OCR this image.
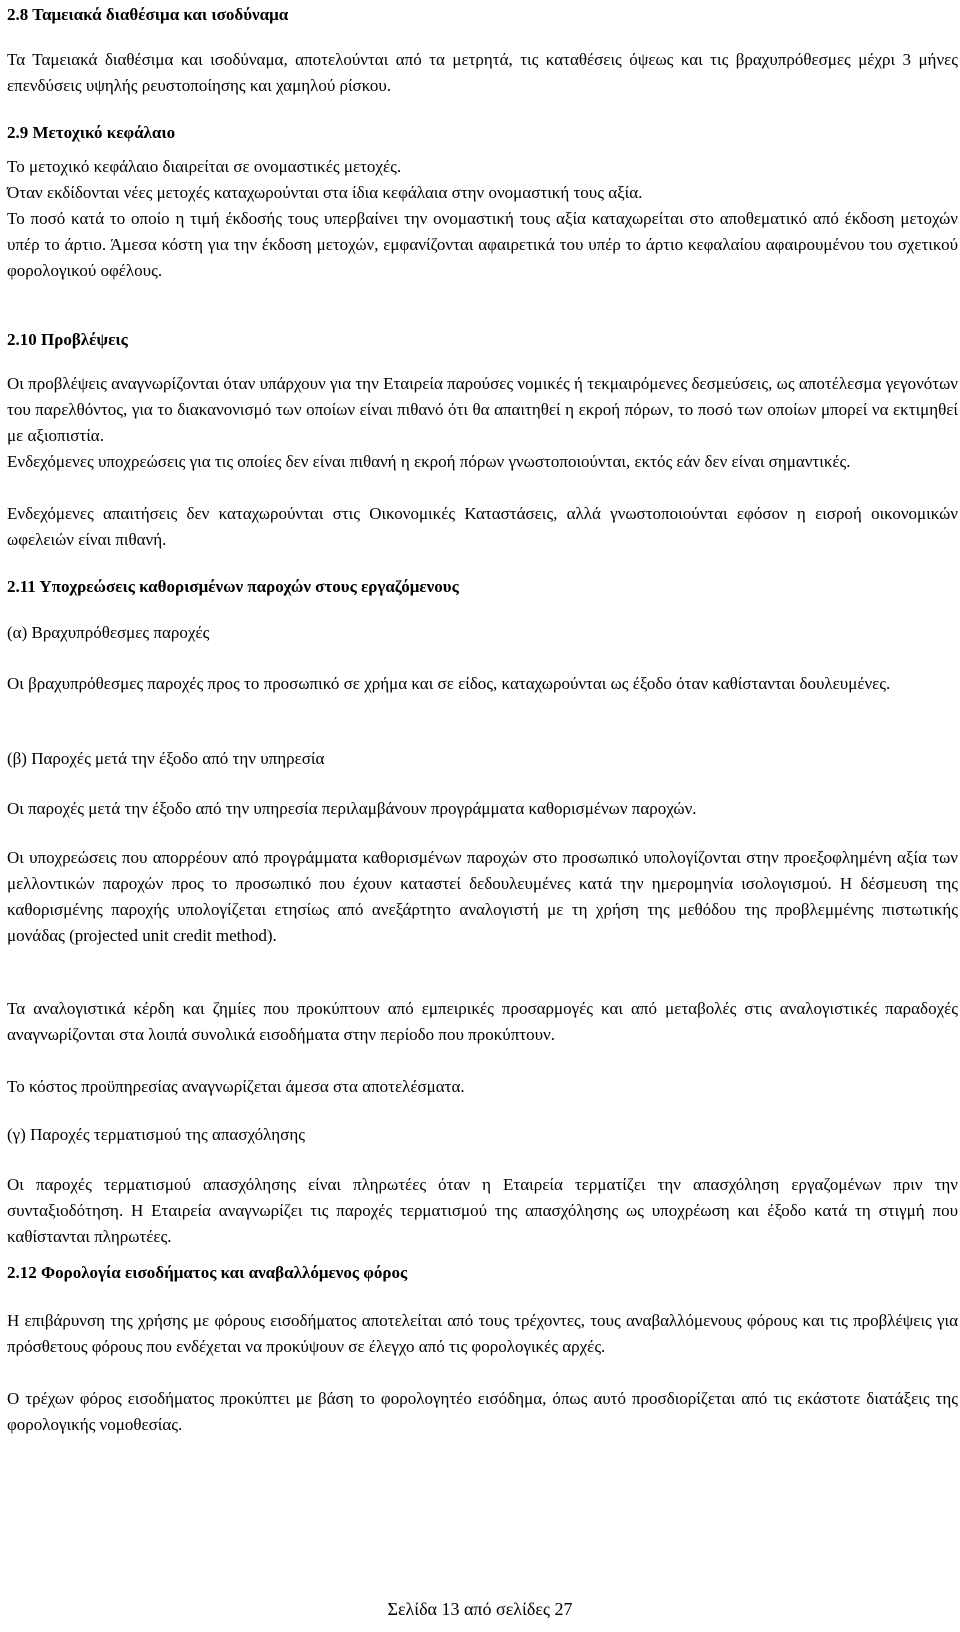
2.8 Ταμειακά διαθέσιμα και ισοδύναμα

Τα Ταμειακά διαθέσιμα και ισοδύναμα, αποτελούνται από τα μετρητά, τις καταθέσεις όψεως και τις βραχυπρόθεσμες μέχρι 3 μήνες επενδύσεις υψηλής ρευστοποίησης και χαμηλού ρίσκου.

2.9 Μετοχικό κεφάλαιο

Το μετοχικό κεφάλαιο διαιρείται σε ονομαστικές μετοχές.

Όταν εκδίδονται νέες μετοχές καταχωρούνται στα ίδια κεφάλαια στην ονομαστική τους αξία.

Το ποσό κατά το οποίο η τιμή έκδοσής τους υπερβαίνει την ονομαστική τους αξία καταχωρείται στο αποθεματικό από έκδοση μετοχών υπέρ το άρτιο. Άμεσα κόστη για την έκδοση μετοχών, εμφανίζονται αφαιρετικά του υπέρ το άρτιο κεφαλαίου αφαιρουμένου του σχετικού φορολογικού οφέλους.

2.10 Προβλέψεις

Οι προβλέψεις αναγνωρίζονται όταν υπάρχουν για την Εταιρεία παρούσες νομικές ή τεκμαιρόμενες δεσμεύσεις, ως αποτέλεσμα γεγονότων του παρελθόντος, για το διακανονισμό των οποίων είναι πιθανό ότι θα απαιτηθεί η εκροή πόρων, το ποσό των οποίων μπορεί να εκτιμηθεί με αξιοπιστία.

Ενδεχόμενες υποχρεώσεις για τις οποίες δεν είναι πιθανή η εκροή πόρων γνωστοποιούνται, εκτός εάν δεν είναι σημαντικές.

Ενδεχόμενες απαιτήσεις δεν καταχωρούνται στις Οικονομικές Καταστάσεις, αλλά γνωστοποιούνται εφόσον η εισροή οικονομικών ωφελειών είναι πιθανή.

2.11 Υποχρεώσεις καθορισμένων παροχών στους εργαζόμενους
(α) Βραχυπρόθεσμες παροχές

Οι βραχυπρόθεσμες παροχές προς το προσωπικό σε χρήμα και σε είδος, καταχωρούνται ως έξοδο όταν καθίστανται δουλευμένες.

(β) Παροχές μετά την έξοδο από την υπηρεσία

Οι παροχές μετά την έξοδο από την υπηρεσία περιλαμβάνουν προγράμματα καθορισμένων παροχών.

Οι υποχρεώσεις που απορρέουν από προγράμματα καθορισμένων παροχών στο προσωπικό υπολογίζονται στην προεξοφλημένη αξία των μελλοντικών παροχών προς το προσωπικό που έχουν καταστεί δεδουλευμένες κατά την ημερομηνία ισολογισμού. Η δέσμευση της καθορισμένης παροχής υπολογίζεται ετησίως από ανεξάρτητο αναλογιστή με τη χρήση της μεθόδου της προβλεμμένης πιστωτικής μονάδας (projected unit credit method).

Τα αναλογιστικά κέρδη και ζημίες που προκύπτουν από εμπειρικές προσαρμογές και από μεταβολές στις αναλογιστικές παραδοχές αναγνωρίζονται στα λοιπά συνολικά εισοδήματα στην περίοδο που προκύπτουν.

Το κόστος προϋπηρεσίας αναγνωρίζεται άμεσα στα αποτελέσματα.

(γ) Παροχές τερματισμού της απασχόλησης

Οι παροχές τερματισμού απασχόλησης είναι πληρωτέες όταν η Εταιρεία τερματίζει την απασχόληση εργαζομένων πριν την συνταξιοδότηση. Η Εταιρεία αναγνωρίζει τις παροχές τερματισμού της απασχόλησης ως υποχρέωση και έξοδο κατά τη στιγμή που καθίστανται πληρωτέες.

2.12 Φορολογία εισοδήματος και αναβαλλόμενος φόρος

Η επιβάρυνση της χρήσης με φόρους εισοδήματος αποτελείται από τους τρέχοντες, τους αναβαλλόμενους φόρους και τις προβλέψεις για πρόσθετους φόρους που ενδέχεται να προκύψουν σε έλεγχο από τις φορολογικές αρχές.

Ο τρέχων φόρος εισοδήματος προκύπτει με βάση το φορολογητέο εισόδημα, όπως αυτό προσδιορίζεται από τις εκάστοτε διατάξεις της φορολογικής νομοθεσίας.

Σελίδα 13 από σελίδες 27
